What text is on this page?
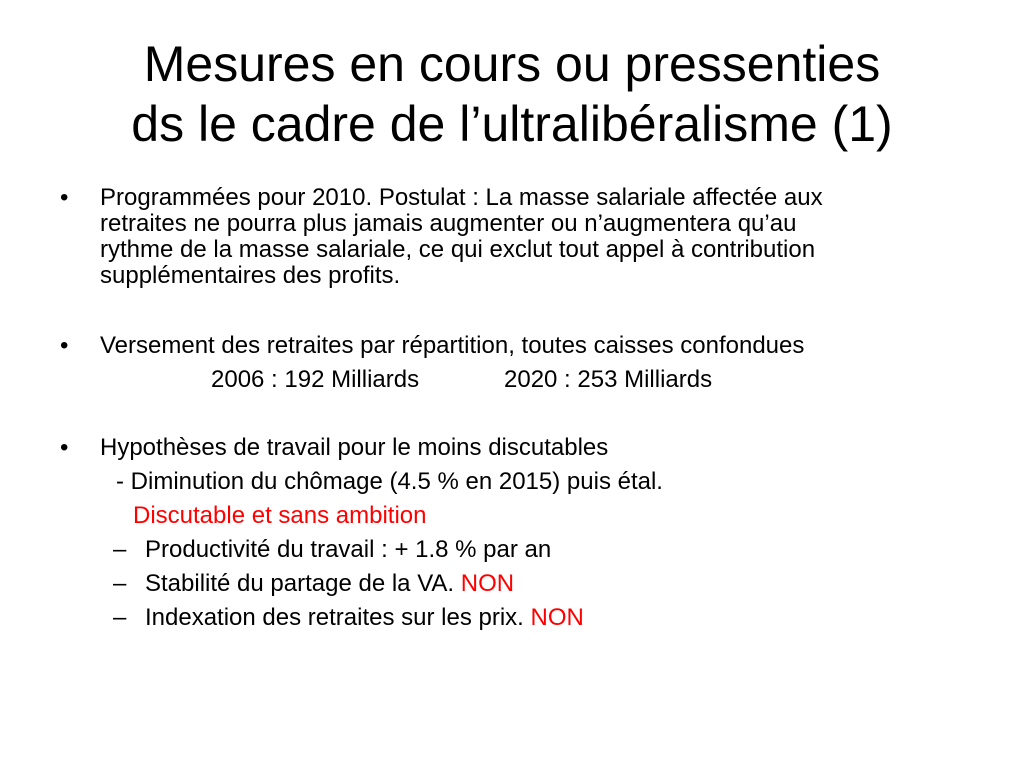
Mesures en cours ou pressenties
ds le cadre de l’ultralibéralisme (1)
• Programmées pour 2010. Postulat : La masse salariale affectée aux
retraites ne pourra plus jamais augmenter ou n’augmentera qu’au
rythme de la masse salariale, ce qui exclut tout appel à contribution
supplémentaires des profits.
• Versement des retraites par répartition, toutes caisses confondues
2006 : 192 Milliards	2020 : 253 Milliards
• Hypothèses de travail pour le moins discutables
- Diminution du chômage (4.5 % en 2015) puis étal.
Discutable et sans ambition
– Productivité du travail : + 1.8 % par an
– Stabilité du partage de la VA. NON
– Indexation des retraites sur les prix. NON
